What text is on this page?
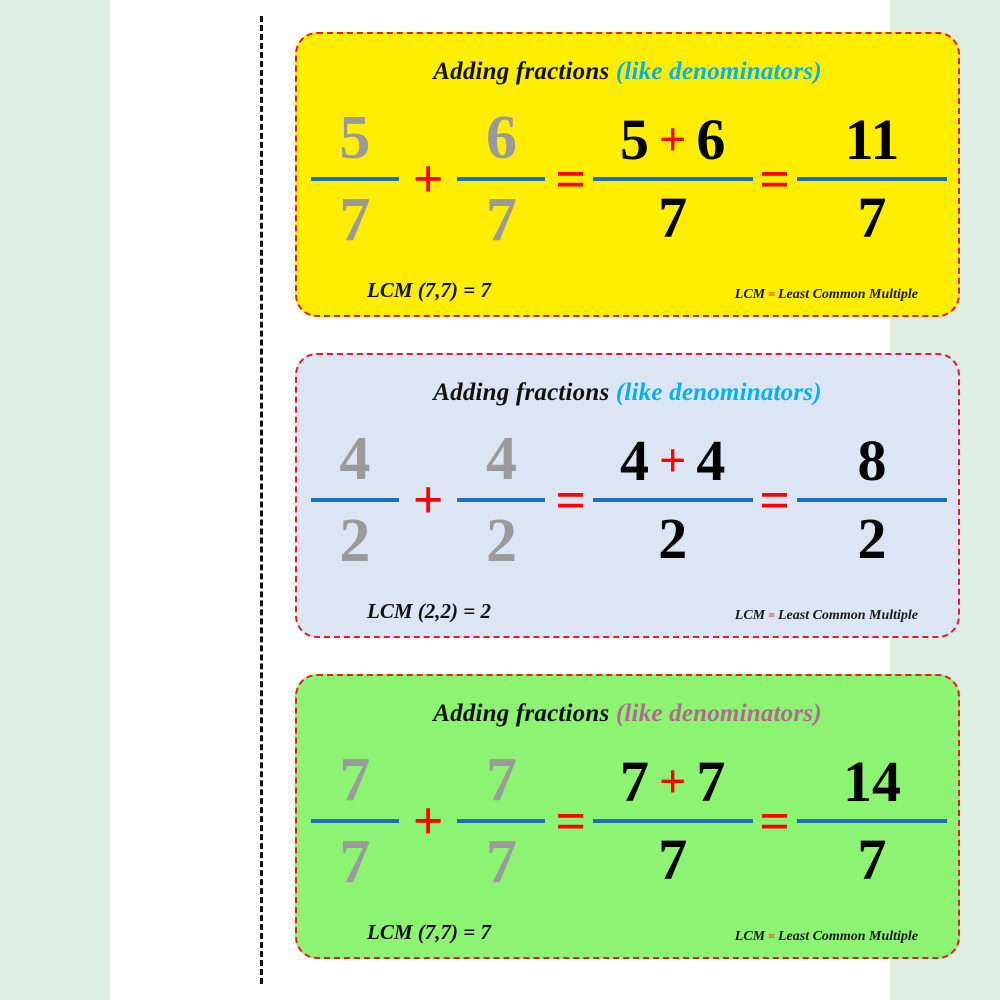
Adding fractions (like denominators)
$\frac{5}{7} + \frac{6}{7} = \frac{5 + 6}{7} = \frac{11}{7}$
LCM (7,7) = 7	LCM = Least Common Multiple
Adding fractions (like denominators)
$\frac{4}{2} + \frac{4}{2} = \frac{4 + 4}{2} = \frac{8}{2}$
LCM (2,2) = 2	LCM = Least Common Multiple
Adding fractions (like denominators)
$\frac{7}{7} + \frac{7}{7} = \frac{7 + 7}{7} = \frac{14}{7}$
LCM (7,7) = 7	LCM = Least Common Multiple
